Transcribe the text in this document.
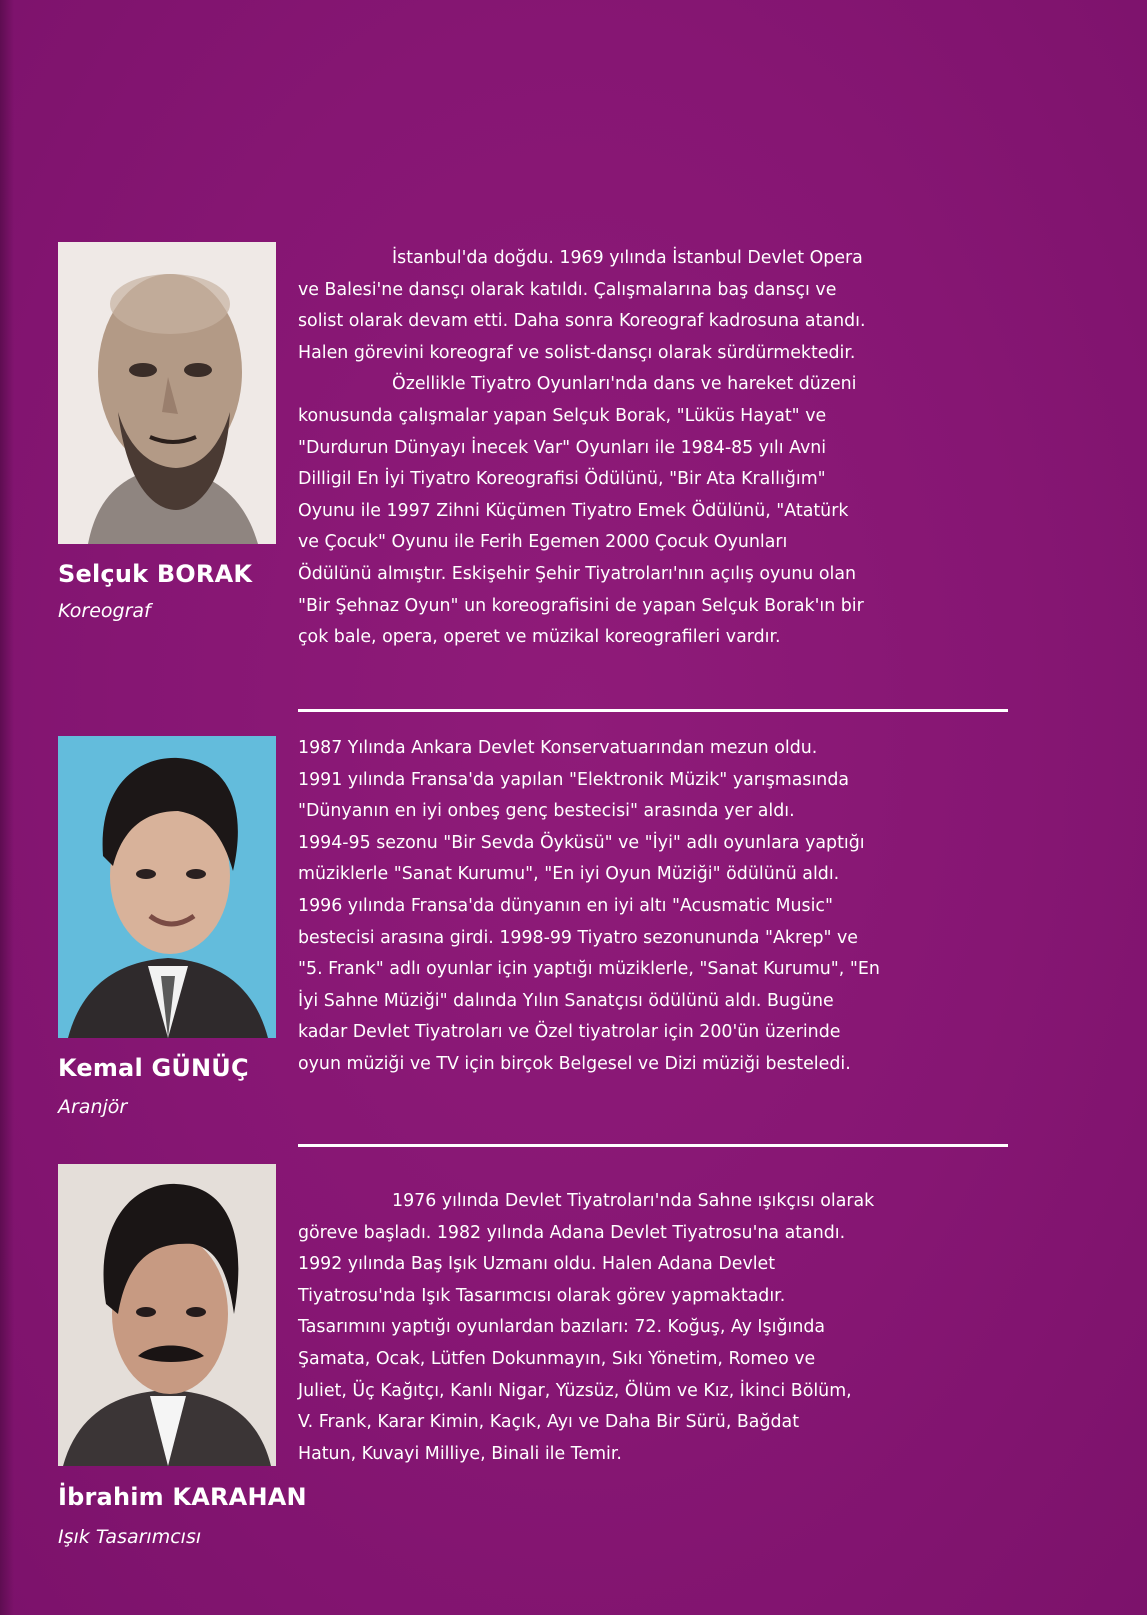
Selçuk BORAK
Koreograf
İstanbul'da doğdu. 1969 yılında İstanbul Devlet Opera
ve Balesi'ne dansçı olarak katıldı. Çalışmalarına baş dansçı ve
solist olarak devam etti. Daha sonra Koreograf kadrosuna atandı.
Halen görevini koreograf ve solist-dansçı olarak sürdürmektedir.
Özellikle Tiyatro Oyunları'nda dans ve hareket düzeni
konusunda çalışmalar yapan Selçuk Borak, "Lüküs Hayat" ve
"Durdurun Dünyayı İnecek Var" Oyunları ile 1984-85 yılı Avni
Dilligil En İyi Tiyatro Koreografisi Ödülünü, "Bir Ata Krallığım"
Oyunu ile 1997 Zihni Küçümen Tiyatro Emek Ödülünü, "Atatürk
ve Çocuk" Oyunu ile Ferih Egemen 2000 Çocuk Oyunları
Ödülünü almıştır. Eskişehir Şehir Tiyatroları'nın açılış oyunu olan
"Bir Şehnaz Oyun" un koreografisini de yapan Selçuk Borak'ın bir
çok bale, opera, operet ve müzikal koreografileri vardır.
Kemal GÜNÜÇ
Aranjör
1987 Yılında Ankara Devlet Konservatuarından mezun oldu.
1991 yılında Fransa'da yapılan "Elektronik Müzik" yarışmasında
"Dünyanın en iyi onbeş genç bestecisi" arasında yer aldı.
1994-95 sezonu "Bir Sevda Öyküsü" ve "İyi" adlı oyunlara yaptığı
müziklerle "Sanat Kurumu", "En iyi Oyun Müziği" ödülünü aldı.
1996 yılında Fransa'da dünyanın en iyi altı "Acusmatic Music"
bestecisi arasına girdi. 1998-99 Tiyatro sezonununda "Akrep" ve
"5. Frank" adlı oyunlar için yaptığı müziklerle, "Sanat Kurumu", "En
İyi Sahne Müziği" dalında Yılın Sanatçısı ödülünü aldı. Bugüne
kadar Devlet Tiyatroları ve Özel tiyatrolar için 200'ün üzerinde
oyun müziği ve TV için birçok Belgesel ve Dizi müziği besteledi.
İbrahim KARAHAN
Işık Tasarımcısı
1976 yılında Devlet Tiyatroları'nda Sahne ışıkçısı olarak
göreve başladı. 1982 yılında Adana Devlet Tiyatrosu'na atandı.
1992 yılında Baş Işık Uzmanı oldu. Halen Adana Devlet
Tiyatrosu'nda Işık Tasarımcısı olarak görev yapmaktadır.
Tasarımını yaptığı oyunlardan bazıları: 72. Koğuş, Ay Işığında
Şamata, Ocak, Lütfen Dokunmayın, Sıkı Yönetim, Romeo ve
Juliet, Üç Kağıtçı, Kanlı Nigar, Yüzsüz, Ölüm ve Kız, İkinci Bölüm,
V. Frank, Karar Kimin, Kaçık, Ayı ve Daha Bir Sürü, Bağdat
Hatun, Kuvayi Milliye, Binali ile Temir.
